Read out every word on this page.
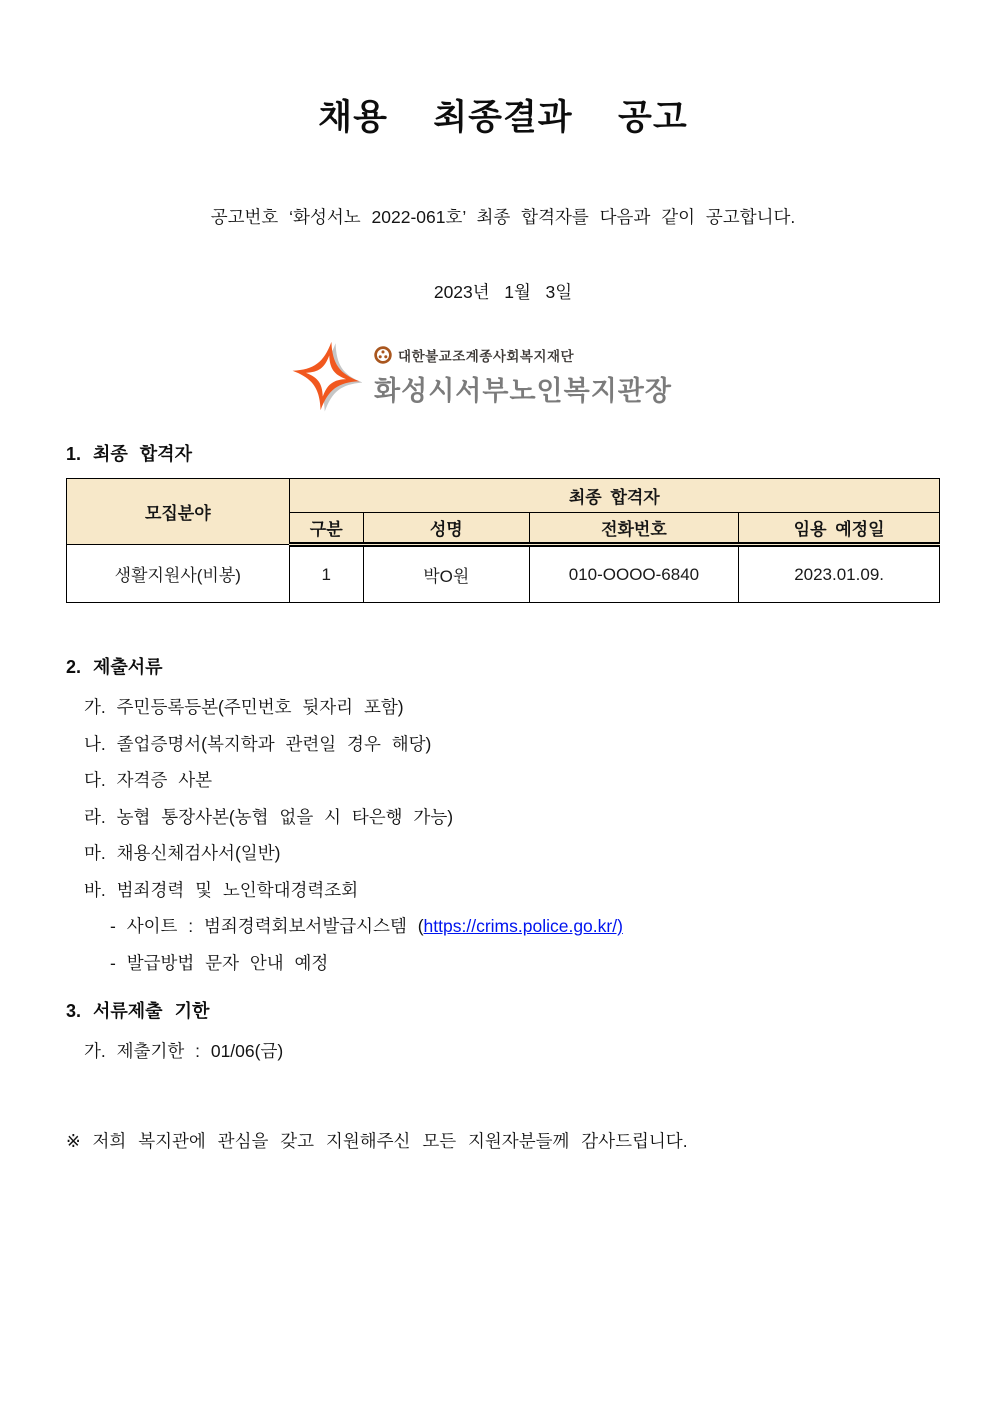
채용  최종결과  공고
공고번호 ‘화성서노 2022-061호’ 최종 합격자를 다음과 같이 공고합니다.
2023년   1월   3일
대한불교조계종사회복지재단
화성시서부노인복지관장
1. 최종 합격자
모집분야	최종 합격자			
	구분	성명	전화번호	임용 예정일
생활지원사(비봉)	1	박O원	010-OOOO-6840	2023.01.09.
2. 제출서류
가. 주민등록등본(주민번호 뒷자리 포함)
나. 졸업증명서(복지학과 관련일 경우 해당)
다. 자격증 사본
라. 농협 통장사본(농협 없을 시 타은행 가능)
마. 채용신체검사서(일반)
바. 범죄경력 및 노인학대경력조회
- 사이트 : 범죄경력회보서발급시스템 (https://crims.police.go.kr/)
- 발급방법 문자 안내 예정
3. 서류제출 기한
가. 제출기한 : 01/06(금)
※ 저희 복지관에 관심을 갖고 지원해주신 모든 지원자분들께 감사드립니다.
